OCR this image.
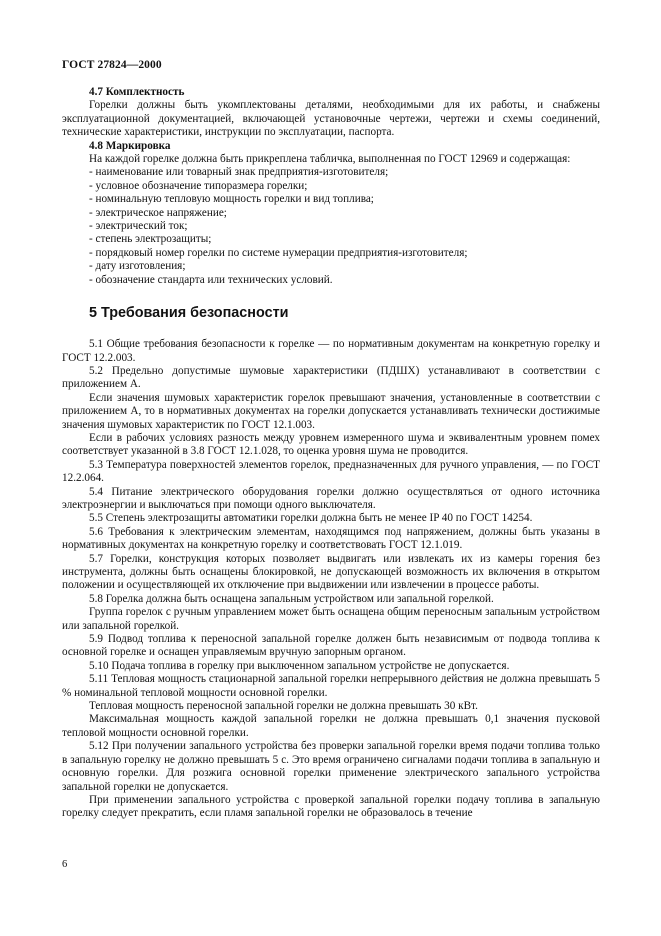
ГОСТ 27824—2000

4.7 Комплектность

Горелки должны быть укомплектованы деталями, необходимыми для их работы, и снабжены эксплуатационной документацией, включающей установочные чертежи, чертежи и схемы соединений, технические характеристики, инструкции по эксплуатации, паспорта.

4.8 Маркировка

На каждой горелке должна быть прикреплена табличка, выполненная по ГОСТ 12969 и содержащая:

- наименование или товарный знак предприятия-изготовителя;
- условное обозначение типоразмера горелки;
- номинальную тепловую мощность горелки и вид топлива;
- электрическое напряжение;
- электрический ток;
- степень электрозащиты;
- порядковый номер горелки по системе нумерации предприятия-изготовителя;
- дату изготовления;
- обозначение стандарта или технических условий.
5 Требования безопасности

5.1 Общие требования безопасности к горелке — по нормативным документам на конкретную горелку и ГОСТ 12.2.003.

5.2 Предельно допустимые шумовые характеристики (ПДШХ) устанавливают в соответствии с приложением А.

Если значения шумовых характеристик горелок превышают значения, установленные в соответствии с приложением А, то в нормативных документах на горелки допускается устанавливать технически достижимые значения шумовых характеристик по ГОСТ 12.1.003.

Если в рабочих условиях разность между уровнем измеренного шума и эквивалентным уровнем помех соответствует указанной в 3.8 ГОСТ 12.1.028, то оценка уровня шума не проводится.

5.3 Температура поверхностей элементов горелок, предназначенных для ручного управления, — по ГОСТ 12.2.064.

5.4 Питание электрического оборудования горелки должно осуществляться от одного источника электроэнергии и выключаться при помощи одного выключателя.

5.5 Степень электрозащиты автоматики горелки должна быть не менее IP 40 по ГОСТ 14254.

5.6 Требования к электрическим элементам, находящимся под напряжением, должны быть указаны в нормативных документах на конкретную горелку и соответствовать ГОСТ 12.1.019.

5.7 Горелки, конструкция которых позволяет выдвигать или извлекать их из камеры горения без инструмента, должны быть оснащены блокировкой, не допускающей возможность их включения в открытом положении и осуществляющей их отключение при выдвижении или извлечении в процессе работы.

5.8 Горелка должна быть оснащена запальным устройством или запальной горелкой.

Группа горелок с ручным управлением может быть оснащена общим переносным запальным устройством или запальной горелкой.

5.9 Подвод топлива к переносной запальной горелке должен быть независимым от подвода топлива к основной горелке и оснащен управляемым вручную запорным органом.

5.10 Подача топлива в горелку при выключенном запальном устройстве не допускается.

5.11 Тепловая мощность стационарной запальной горелки непрерывного действия не должна превышать 5 % номинальной тепловой мощности основной горелки.

Тепловая мощность переносной запальной горелки не должна превышать 30 кВт.

Максимальная мощность каждой запальной горелки не должна превышать 0,1 значения пусковой тепловой мощности основной горелки.

5.12 При получении запального устройства без проверки запальной горелки время подачи топлива только в запальную горелку не должно превышать 5 с. Это время ограничено сигналами подачи топлива в запальную и основную горелки. Для розжига основной горелки применение электрического запального устройства запальной горелки не допускается.

При применении запального устройства с проверкой запальной горелки подачу топлива в запальную горелку следует прекратить, если пламя запальной горелки не образовалось в течение

6
